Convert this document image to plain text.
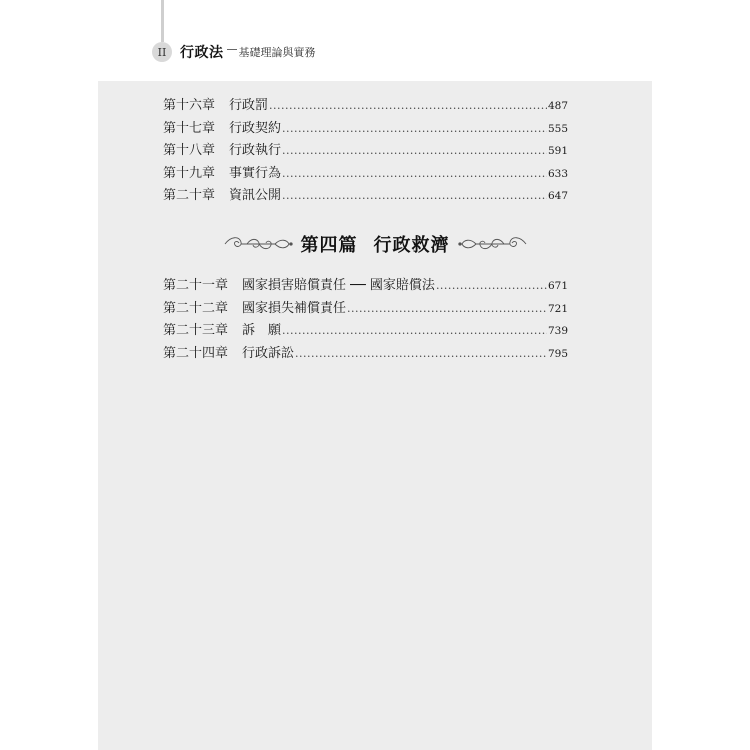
II 行政法 基礎理論與實務
第十六章 行政罰 .....	487
第十七章 行政契約 .....	555
第十八章 行政執行 .....	591
第十九章 事實行為 .....	633
第二十章 資訊公開 .....	647
第四篇 行政救濟
第二十一章 國家損害賠償責任 ── 國家賠償法 .....	671
第二十二章 國家損失補償責任 .....	721
第二十三章 訴　願 .....	739
第二十四章 行政訴訟 .....	795
